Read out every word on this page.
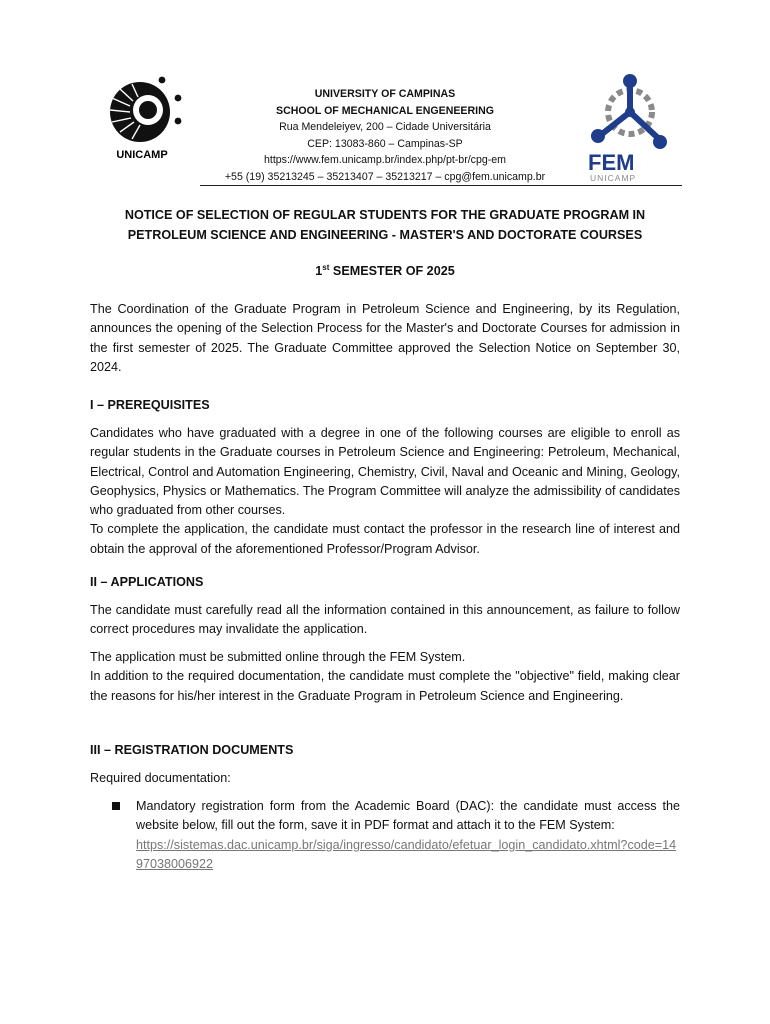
UNICAMP
UNIVERSITY OF CAMPINAS
SCHOOL OF MECHANICAL ENGENEERING
Rua Mendeleiyev, 200 – Cidade Universitária
CEP: 13083-860 – Campinas-SP
https://www.fem.unicamp.br/index.php/pt-br/cpg-em
+55 (19) 35213245 – 35213407 – 35213217 – cpg@fem.unicamp.br
FEM
UNICAMP
NOTICE OF SELECTION OF REGULAR STUDENTS FOR THE GRADUATE PROGRAM IN
PETROLEUM SCIENCE AND ENGINEERING - MASTER'S AND DOCTORATE COURSES
1st SEMESTER OF 2025
The Coordination of the Graduate Program in Petroleum Science and Engineering, by its Regulation, announces the opening of the Selection Process for the Master's and Doctorate Courses for admission in the first semester of 2025. The Graduate Committee approved the Selection Notice on September 30, 2024.
I – PREREQUISITES
Candidates who have graduated with a degree in one of the following courses are eligible to enroll as regular students in the Graduate courses in Petroleum Science and Engineering: Petroleum, Mechanical, Electrical, Control and Automation Engineering, Chemistry, Civil, Naval and Oceanic and Mining, Geology, Geophysics, Physics or Mathematics. The Program Committee will analyze the admissibility of candidates who graduated from other courses.
To complete the application, the candidate must contact the professor in the research line of interest and obtain the approval of the aforementioned Professor/Program Advisor.
II – APPLICATIONS
The candidate must carefully read all the information contained in this announcement, as failure to follow correct procedures may invalidate the application.
The application must be submitted online through the FEM System.
In addition to the required documentation, the candidate must complete the "objective" field, making clear the reasons for his/her interest in the Graduate Program in Petroleum Science and Engineering.
III – REGISTRATION DOCUMENTS
Required documentation:
Mandatory registration form from the Academic Board (DAC): the candidate must access the website below, fill out the form, save it in PDF format and attach it to the FEM System:
https://sistemas.dac.unicamp.br/siga/ingresso/candidato/efetuar_login_candidato.xhtml?code=1497038006922
